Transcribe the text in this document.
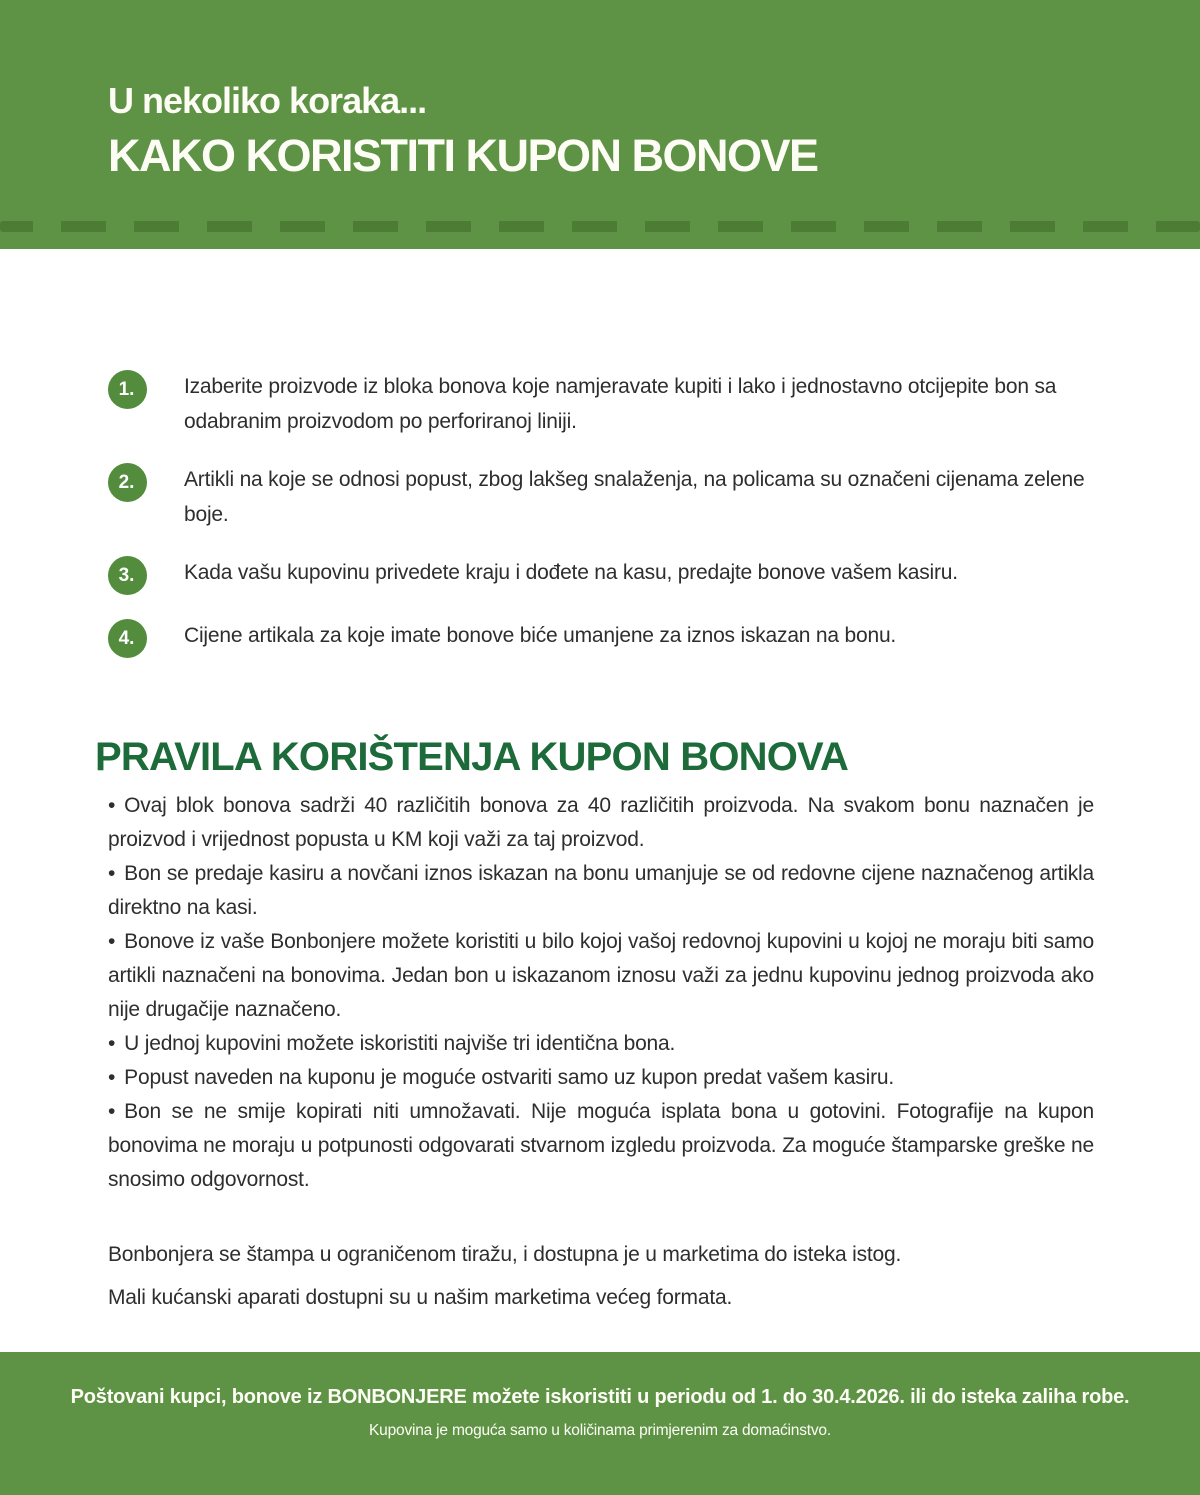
U nekoliko koraka...
KAKO KORISTITI KUPON BONOVE
1.	Izaberite proizvode iz bloka bonova koje namjeravate kupiti i lako i jednostavno otcijepite bon sa odabranim proizvodom po perforiranoj liniji.
2.	Artikli na koje se odnosi popust, zbog lakšeg snalaženja, na policama su označeni cijenama zelene boje.
3.	Kada vašu kupovinu privedete kraju i dođete na kasu, predajte bonove vašem kasiru.
4.	Cijene artikala za koje imate bonove biće umanjene za iznos iskazan na bonu.
PRAVILA KORIŠTENJA KUPON BONOVA

• Ovaj blok bonova sadrži 40 različitih bonova za 40 različitih proizvoda. Na svakom bonu naznačen je proizvod i vrijednost popusta u KM koji važi za taj proizvod.

• Bon se predaje kasiru a novčani iznos iskazan na bonu umanjuje se od redovne cijene naznačenog artikla direktno na kasi.

• Bonove iz vaše Bonbonjere možete koristiti u bilo kojoj vašoj redovnoj kupovini u kojoj ne moraju biti samo artikli naznačeni na bonovima. Jedan bon u iskazanom iznosu važi za jednu kupovinu jednog proizvoda ako nije drugačije naznačeno.

• U jednoj kupovini možete iskoristiti najviše tri identična bona.

• Popust naveden na kuponu je moguće ostvariti samo uz kupon predat vašem kasiru.

• Bon se ne smije kopirati niti umnožavati. Nije moguća isplata bona u gotovini. Fotografije na kupon bonovima ne moraju u potpunosti odgovarati stvarnom izgledu proizvoda. Za moguće štamparske greške ne snosimo odgovornost.

Bonbonjera se štampa u ograničenom tiražu, i dostupna je u marketima do isteka istog.
Mali kućanski aparati dostupni su u našim marketima većeg formata.
Poštovani kupci, bonove iz BONBONJERE možete iskoristiti u periodu od 1. do 30.4.2026. ili do isteka zaliha robe.
Kupovina je moguća samo u količinama primjerenim za domaćinstvo.
